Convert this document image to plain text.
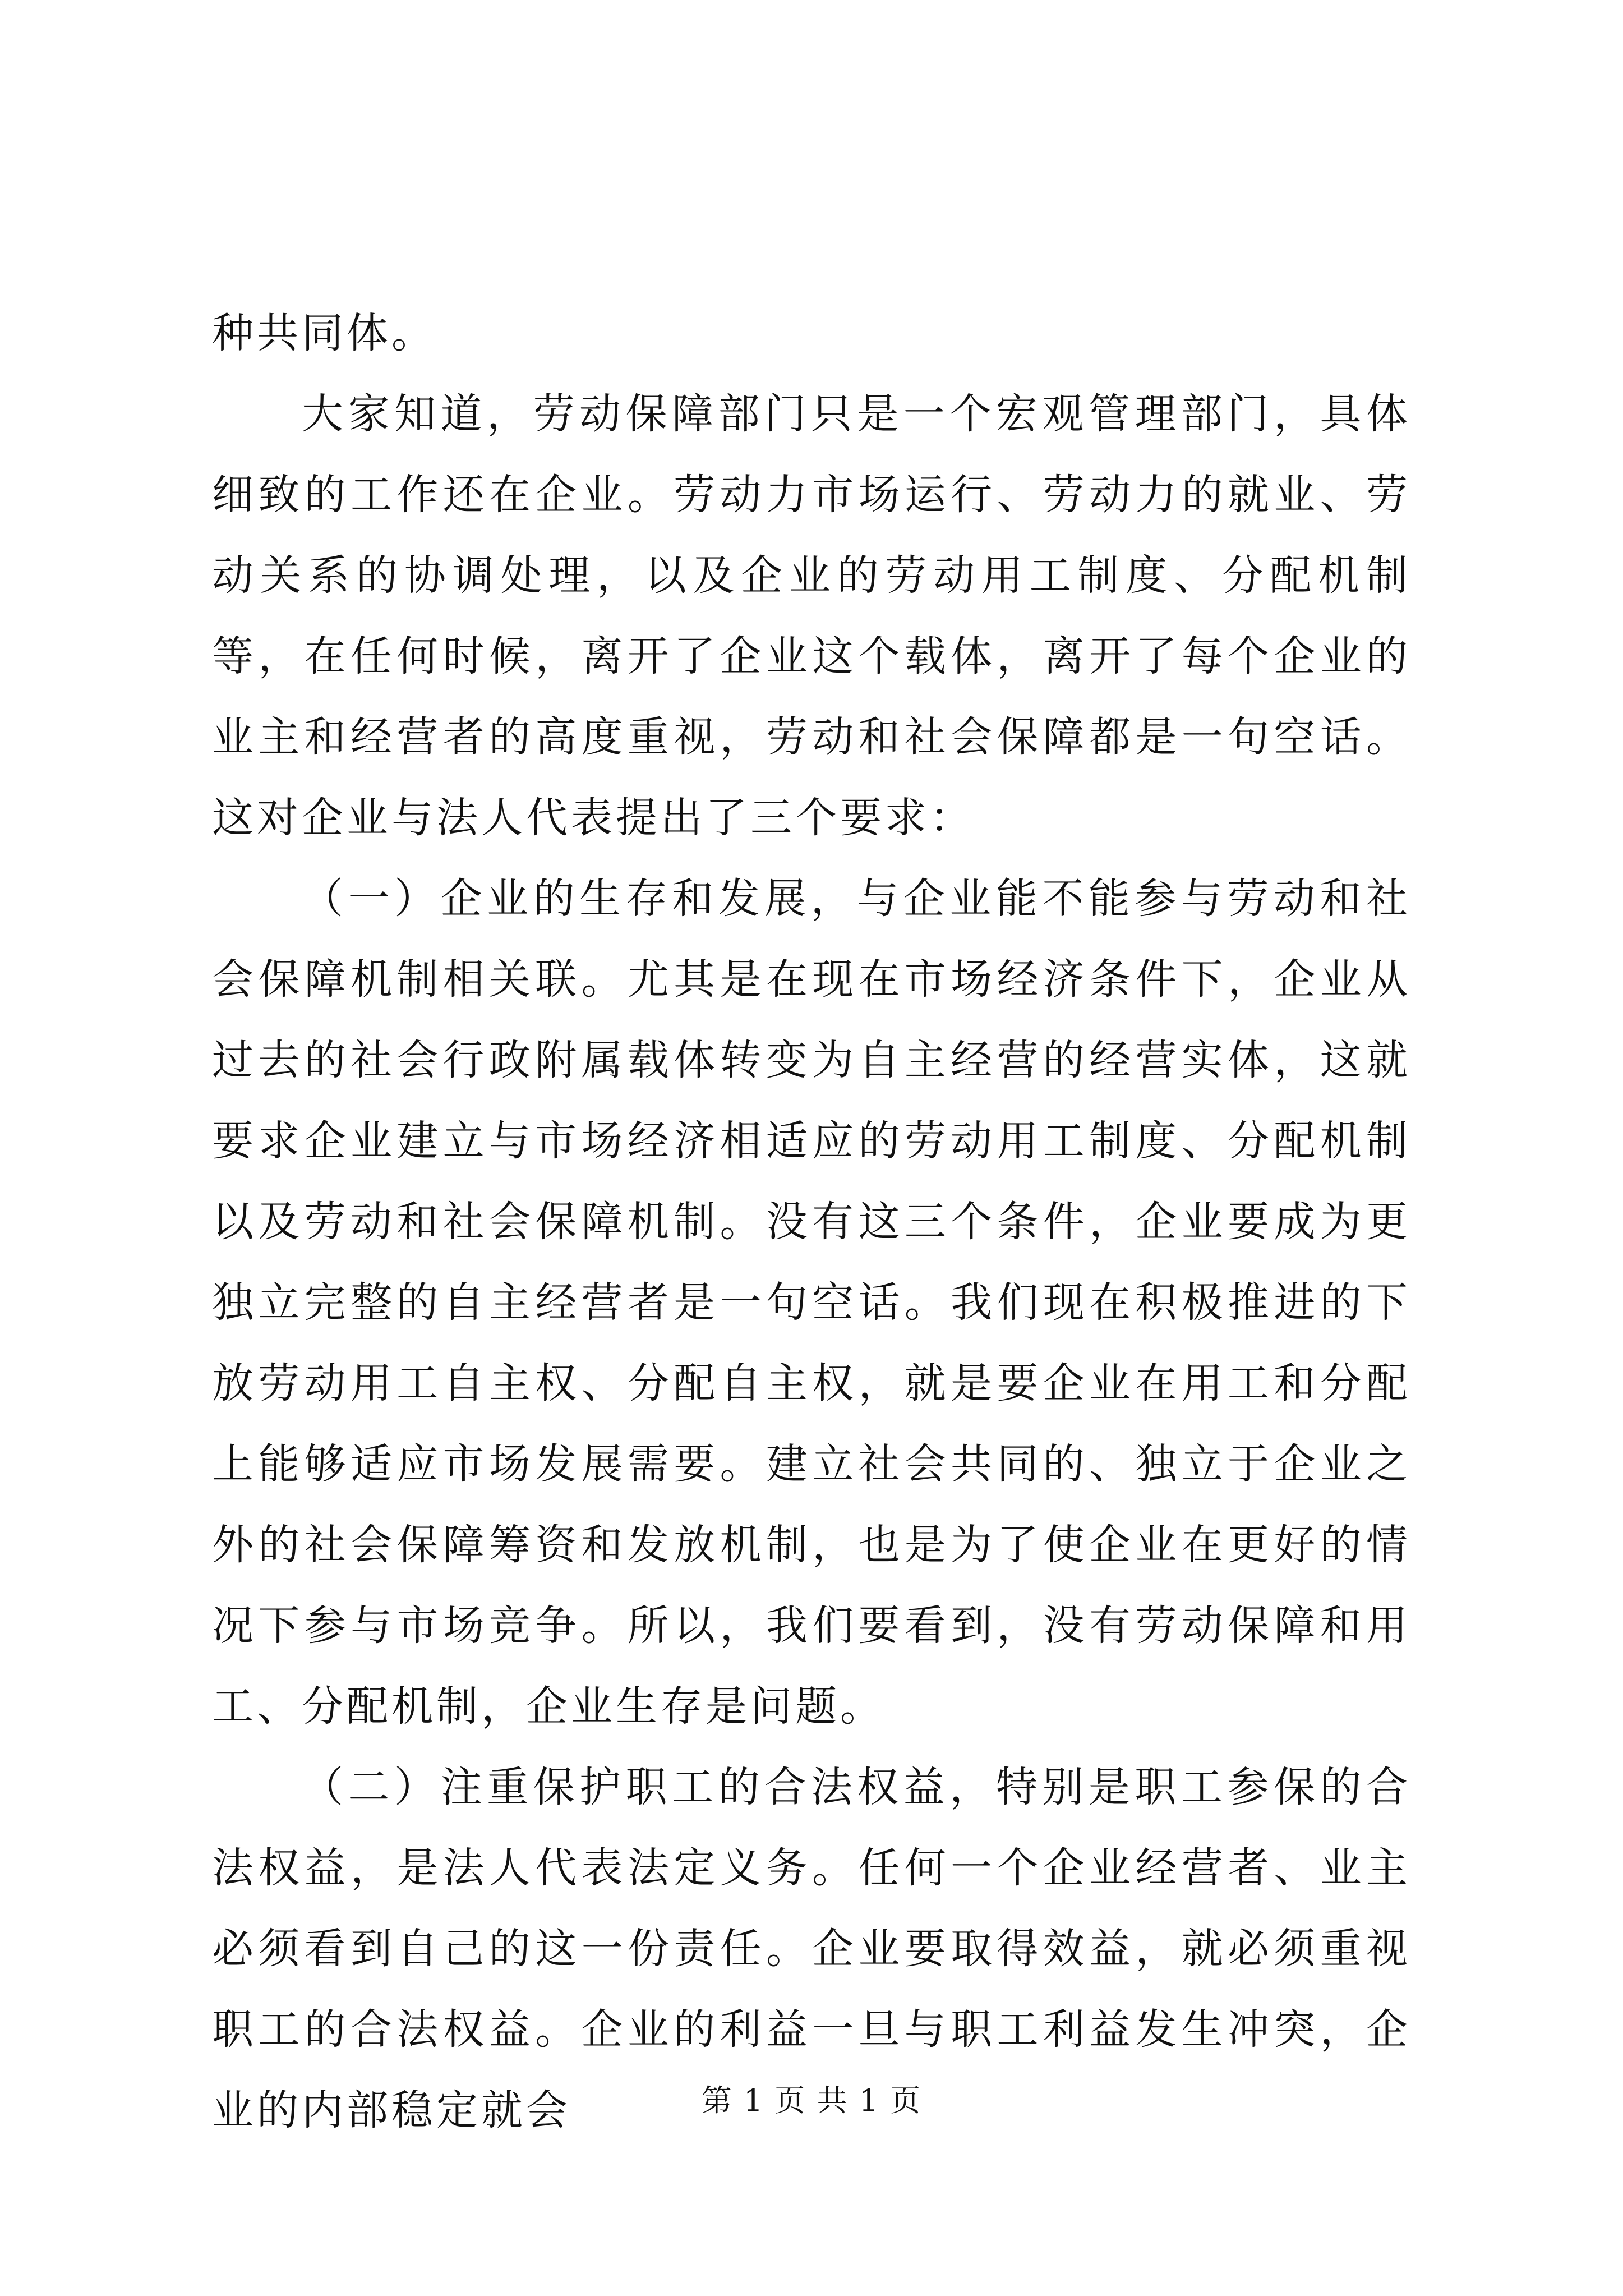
种共同体。

大家知道，劳动保障部门只是一个宏观管理部门，具体细致的工作还在企业。劳动力市场运行、劳动力的就业、劳动关系的协调处理，以及企业的劳动用工制度、分配机制等，在任何时候，离开了企业这个载体，离开了每个企业的业主和经营者的高度重视，劳动和社会保障都是一句空话。这对企业与法人代表提出了三个要求：

（一）企业的生存和发展，与企业能不能参与劳动和社会保障机制相关联。尤其是在现在市场经济条件下，企业从过去的社会行政附属载体转变为自主经营的经营实体，这就要求企业建立与市场经济相适应的劳动用工制度、分配机制以及劳动和社会保障机制。没有这三个条件，企业要成为更独立完整的自主经营者是一句空话。我们现在积极推进的下放劳动用工自主权、分配自主权，就是要企业在用工和分配上能够适应市场发展需要。建立社会共同的、独立于企业之外的社会保障筹资和发放机制，也是为了使企业在更好的情况下参与市场竞争。所以，我们要看到，没有劳动保障和用工、分配机制，企业生存是问题。

（二）注重保护职工的合法权益，特别是职工参保的合法权益，是法人代表法定义务。任何一个企业经营者、业主必须看到自己的这一份责任。企业要取得效益，就必须重视职工的合法权益。企业的利益一旦与职工利益发生冲突，企业的内部稳定就会	第 1 页 共 1 页
